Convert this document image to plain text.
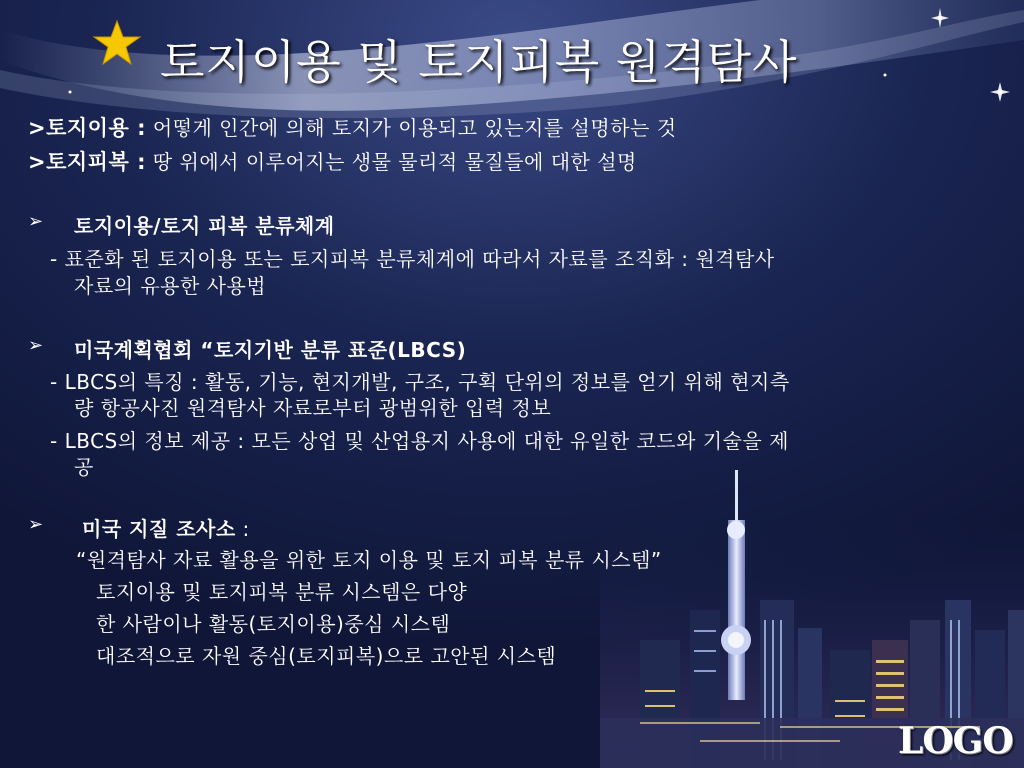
토지이용 및 토지피복 원격탐사
>토지이용 : 어떻게 인간에 의해 토지가 이용되고 있는지를 설명하는 것
>토지피복 : 땅 위에서 이루어지는 생물 물리적 물질들에 대한 설명
➢ 토지이용/토지 피복 분류체계
- 표준화 된 토지이용 또는 토지피복 분류체계에 따라서 자료를 조직화 : 원격탐사
자료의 유용한 사용법
➢ 미국계획협회 “토지기반 분류 표준(LBCS)
- LBCS의 특징 : 활동, 기능, 현지개발, 구조, 구획 단위의 정보를 얻기 위해 현지측
량 항공사진 원격탐사 자료로부터 광범위한 입력 정보
- LBCS의 정보 제공 : 모든 상업 및 산업용지 사용에 대한 유일한 코드와 기술을 제
공
➢ 미국 지질 조사소 :
“원격탐사 자료 활용을 위한 토지 이용 및 토지 피복 분류 시스템”
토지이용 및 토지피복 분류 시스템은 다양
한 사람이나 활동(토지이용)중심 시스템
대조적으로 자원 중심(토지피복)으로 고안된 시스템
LOGO
